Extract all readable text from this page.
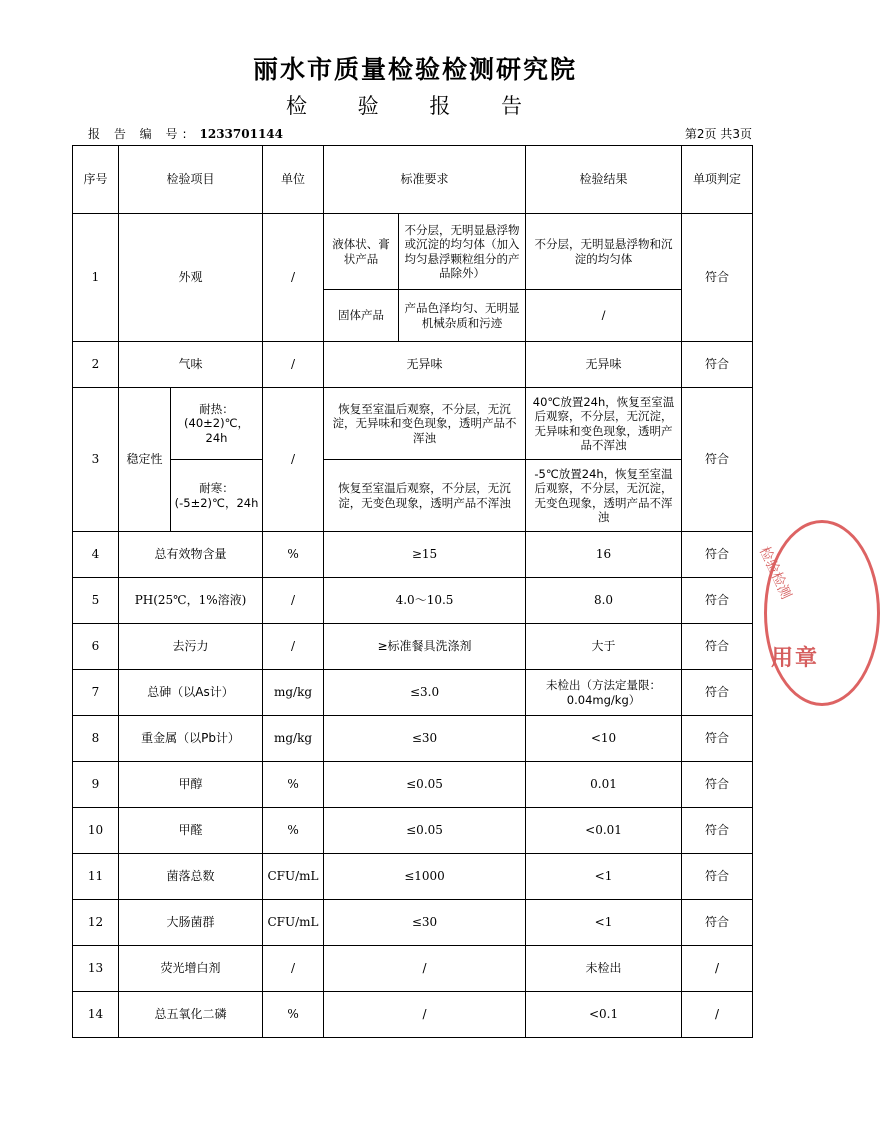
丽水市质量检验检测研究院
检 验 报 告
报 告 编 号: 1233701144	第2页 共3页
序号	检验项目		单位	标准要求		检验结果	单项判定
1	外观		/	液体状、膏状产品	不分层，无明显悬浮物或沉淀的均匀体（加入均匀悬浮颗粒组分的产品除外）	不分层，无明显悬浮物和沉淀的均匀体	符合
				固体产品	产品色泽均匀、无明显机械杂质和污迹	/	
2	气味		/	无异味		无异味	符合
3	稳定性	耐热：(40±2)℃，24h	/	恢复至室温后观察，不分层，无沉淀，无异味和变色现象，透明产品不浑浊		40℃放置24h，恢复至室温后观察，不分层，无沉淀，无异味和变色现象，透明产品不浑浊	符合
		耐寒：(-5±2)℃，24h		恢复至室温后观察，不分层，无沉淀，无变色现象，透明产品不浑浊		-5℃放置24h，恢复至室温后观察，不分层，无沉淀，无变色现象，透明产品不浑浊	
4	总有效物含量		%	≥15		16	符合
5	PH(25℃，1%溶液)		/	4.0～10.5		8.0	符合
6	去污力		/	≥标准餐具洗涤剂		大于	符合
7	总砷（以As计）		mg/kg	≤3.0		未检出（方法定量限：0.04mg/kg）	符合
8	重金属（以Pb计）		mg/kg	≤30		<10	符合
9	甲醇		%	≤0.05		0.01	符合
10	甲醛		%	≤0.05		<0.01	符合
11	菌落总数		CFU/mL	≤1000		<1	符合
12	大肠菌群		CFU/mL	≤30		<1	符合
13	荧光增白剂		/	/		未检出	/
14	总五氧化二磷		%	/		<0.1	/
检验检测
用章
